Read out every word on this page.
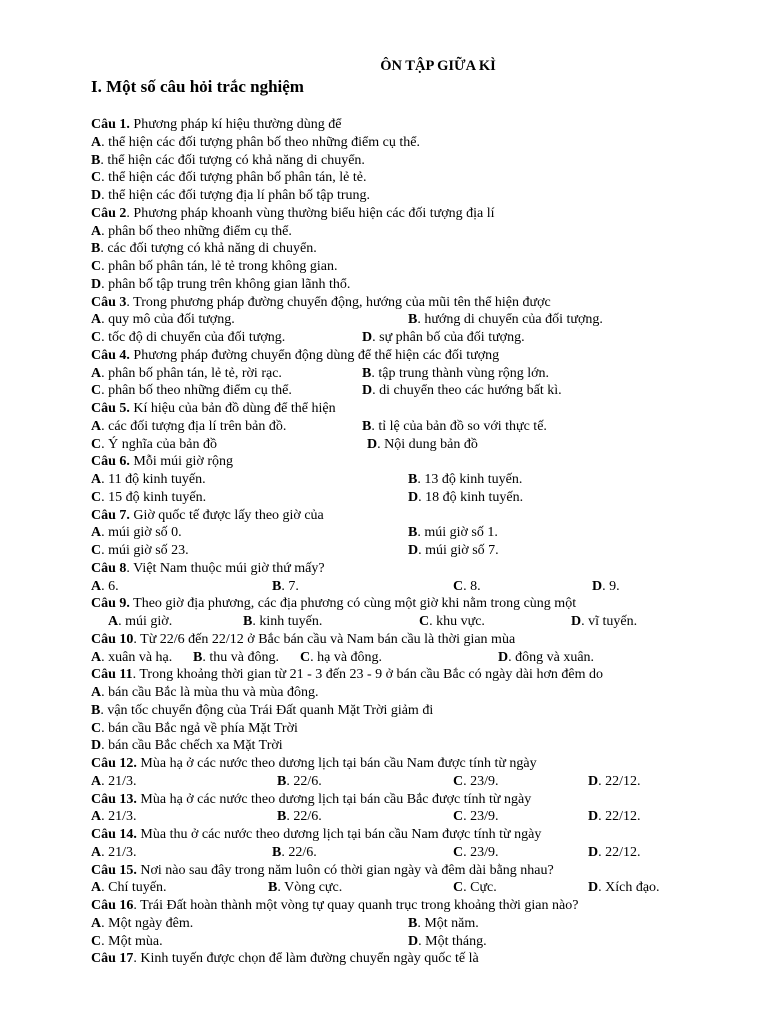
ÔN TẬP GIỮA KÌ
I. Một số câu hỏi trắc nghiệm
Câu 1. Phương pháp kí hiệu thường dùng để
A. thể hiện các đối tượng phân bố theo những điểm cụ thể.
B. thể hiện các đối tượng có khả năng di chuyển.
C. thể hiện các đối tượng phân bố phân tán, lẻ tẻ.
D. thể hiện các đối tượng địa lí phân bố tập trung.
Câu 2. Phương pháp khoanh vùng thường biểu hiện các đối tượng địa lí
A. phân bố theo những điểm cụ thể.
B. các đối tượng có khả năng di chuyển.
C. phân bố phân tán, lẻ tẻ trong không gian.
D. phân bố tập trung trên không gian lãnh thổ.
Câu 3. Trong phương pháp đường chuyển động, hướng của mũi tên thể hiện được
A. quy mô của đối tượng.	B. hướng di chuyển của đối tượng.
C. tốc độ di chuyển của đối tượng.	D. sự phân bố của đối tượng.
Câu 4. Phương pháp đường chuyển động dùng để thể hiện các đối tượng
A. phân bố phân tán, lẻ tẻ, rời rạc.	B. tập trung thành vùng rộng lớn.
C. phân bố theo những điểm cụ thể.	D. di chuyển theo các hướng bất kì.
Câu 5. Kí hiệu của bản đồ dùng để thể hiện
A. các đối tượng địa lí trên bản đồ.	B. tỉ lệ của bản đồ so với thực tế.
C. Ý nghĩa của bản đồ	D. Nội dung bản đồ
Câu 6. Mỗi múi giờ rộng
A. 11 độ kinh tuyến.	B. 13 độ kinh tuyến.
C. 15 độ kinh tuyến.	D. 18 độ kinh tuyến.
Câu 7. Giờ quốc tế được lấy theo giờ của
A. múi giờ số 0.	B. múi giờ số 1.
C. múi giờ số 23.	D. múi giờ số 7.
Câu 8. Việt Nam thuộc múi giờ thứ mấy?
A. 6.	B. 7.	C. 8.	D. 9.
Câu 9. Theo giờ địa phương, các địa phương có cùng một giờ khi nằm trong cùng một
A. múi giờ.	B. kinh tuyến.	C. khu vực.	D. vĩ tuyến.
Câu 10. Từ 22/6 đến 22/12 ở Bắc bán cầu và Nam bán cầu là thời gian mùa
A. xuân và hạ. B. thu và đông. C. hạ và đông.	D. đông và xuân.
Câu 11. Trong khoảng thời gian từ 21 - 3 đến 23 - 9 ở bán cầu Bắc có ngày dài hơn đêm do
A. bán cầu Bắc là mùa thu và mùa đông.
B. vận tốc chuyển động của Trái Đất quanh Mặt Trời giảm đi
C. bán cầu Bắc ngả về phía Mặt Trời
D. bán cầu Bắc chếch xa Mặt Trời
Câu 12. Mùa hạ ở các nước theo dương lịch tại bán cầu Nam được tính từ ngày
A. 21/3.	B. 22/6.	C. 23/9.	D. 22/12.
Câu 13. Mùa hạ ở các nước theo dương lịch tại bán cầu Bắc được tính từ ngày
A. 21/3.	B. 22/6.	C. 23/9.	D. 22/12.
Câu 14. Mùa thu ở các nước theo dương lịch tại bán cầu Nam được tính từ ngày
A. 21/3.	B. 22/6.	C. 23/9.	D. 22/12.
Câu 15. Nơi nào sau đây trong năm luôn có thời gian ngày và đêm dài bằng nhau?
A. Chí tuyến.	B. Vòng cực.	C. Cực.	D. Xích đạo.
Câu 16. Trái Đất hoàn thành một vòng tự quay quanh trục trong khoảng thời gian nào?
A. Một ngày đêm.	B. Một năm.
C. Một mùa.	D. Một tháng.
Câu 17. Kinh tuyến được chọn để làm đường chuyển ngày quốc tế là
